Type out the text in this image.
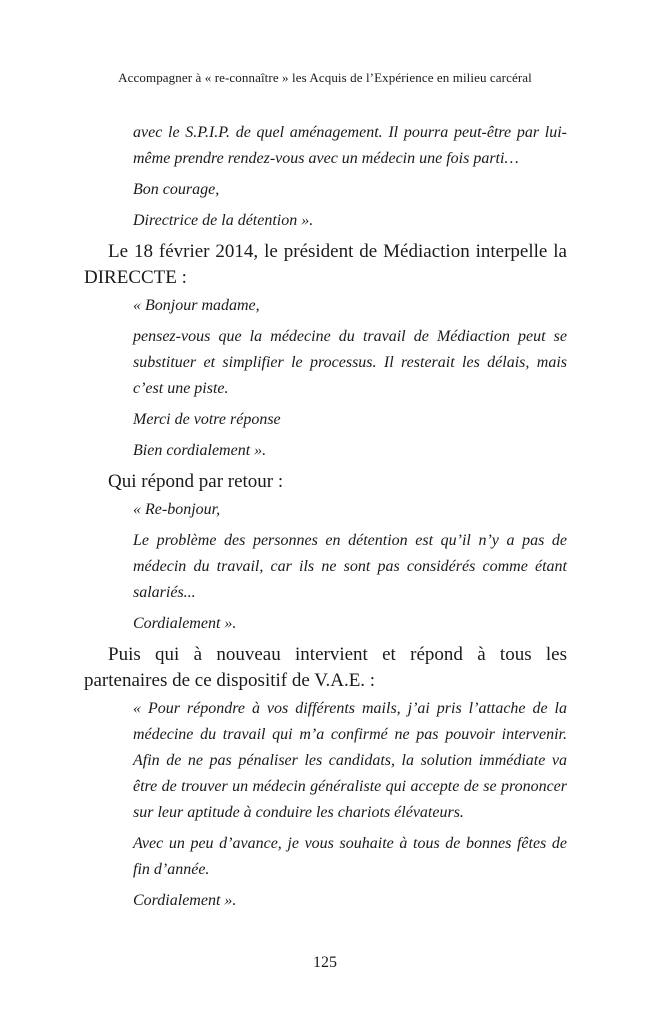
Accompagner à « re-connaître » les Acquis de l’Expérience en milieu carcéral

avec le S.P.I.P. de quel aménagement. Il pourra peut-être par lui-même prendre rendez-vous avec un médecin une fois parti…

Bon courage,

Directrice de la détention ».

Le 18 février 2014, le président de Médiaction interpelle la DIRECCTE :

« Bonjour madame,

pensez-vous que la médecine du travail de Médiaction peut se substituer et simplifier le processus. Il resterait les délais, mais c’est une piste.

Merci de votre réponse

Bien cordialement ».

Qui répond par retour :

« Re-bonjour,

Le problème des personnes en détention est qu’il n’y a pas de médecin du travail, car ils ne sont pas considérés comme étant salariés...

Cordialement ».

Puis qui à nouveau intervient et répond à tous les partenaires de ce dispositif de V.A.E. :

« Pour répondre à vos différents mails, j’ai pris l’attache de la médecine du travail qui m’a confirmé ne pas pouvoir intervenir. Afin de ne pas pénaliser les candidats, la solution immédiate va être de trouver un médecin généraliste qui accepte de se prononcer sur leur aptitude à conduire les chariots élévateurs.

Avec un peu d’avance, je vous souhaite à tous de bonnes fêtes de fin d’année.

Cordialement ».

125
